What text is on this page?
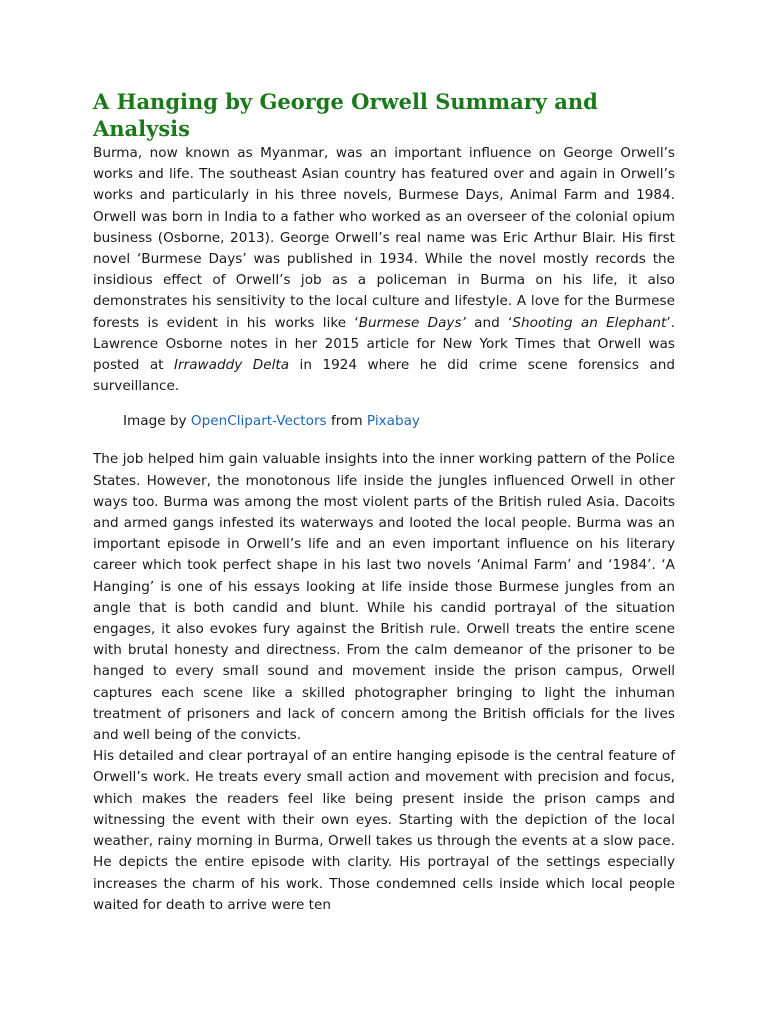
A Hanging by George Orwell Summary and Analysis

Burma, now known as Myanmar, was an important influence on George Orwell’s works and life. The southeast Asian country has featured over and again in Orwell’s works and particularly in his three novels, Burmese Days, Animal Farm and 1984. Orwell was born in India to a father who worked as an overseer of the colonial opium business (Osborne, 2013). George Orwell’s real name was Eric Arthur Blair. His first novel ‘Burmese Days’ was published in 1934. While the novel mostly records the insidious effect of Orwell’s job as a policeman in Burma on his life, it also demonstrates his sensitivity to the local culture and lifestyle. A love for the Burmese forests is evident in his works like ‘Burmese Days’ and ‘Shooting an Elephant’. Lawrence Osborne notes in her 2015 article for New York Times that Orwell was posted at Irrawaddy Delta in 1924 where he did crime scene forensics and surveillance.

Image by OpenClipart-Vectors from Pixabay

The job helped him gain valuable insights into the inner working pattern of the Police States. However, the monotonous life inside the jungles influenced Orwell in other ways too. Burma was among the most violent parts of the British ruled Asia. Dacoits and armed gangs infested its waterways and looted the local people. Burma was an important episode in Orwell’s life and an even important influence on his literary career which took perfect shape in his last two novels ‘Animal Farm’ and ‘1984’. ‘A Hanging’ is one of his essays looking at life inside those Burmese jungles from an angle that is both candid and blunt. While his candid portrayal of the situation engages, it also evokes fury against the British rule. Orwell treats the entire scene with brutal honesty and directness. From the calm demeanor of the prisoner to be hanged to every small sound and movement inside the prison campus, Orwell captures each scene like a skilled photographer bringing to light the inhuman treatment of prisoners and lack of concern among the British officials for the lives and well being of the convicts.

His detailed and clear portrayal of an entire hanging episode is the central feature of Orwell’s work. He treats every small action and movement with precision and focus, which makes the readers feel like being present inside the prison camps and witnessing the event with their own eyes. Starting with the depiction of the local weather, rainy morning in Burma, Orwell takes us through the events at a slow pace. He depicts the entire episode with clarity. His portrayal of the settings especially increases the charm of his work. Those condemned cells inside which local people waited for death to arrive were ten
